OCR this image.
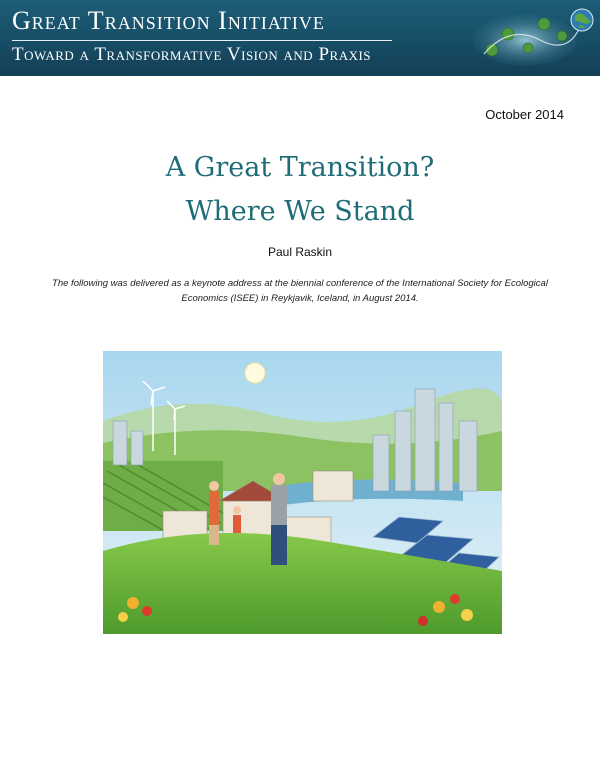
Great Transition Initiative
Toward a Transformative Vision and Praxis
October 2014
A Great Transition?
Where We Stand
Paul Raskin
The following was delivered as a keynote address at the biennial conference of the International Society for Ecological Economics (ISEE) in Reykjavik, Iceland, in August 2014.
